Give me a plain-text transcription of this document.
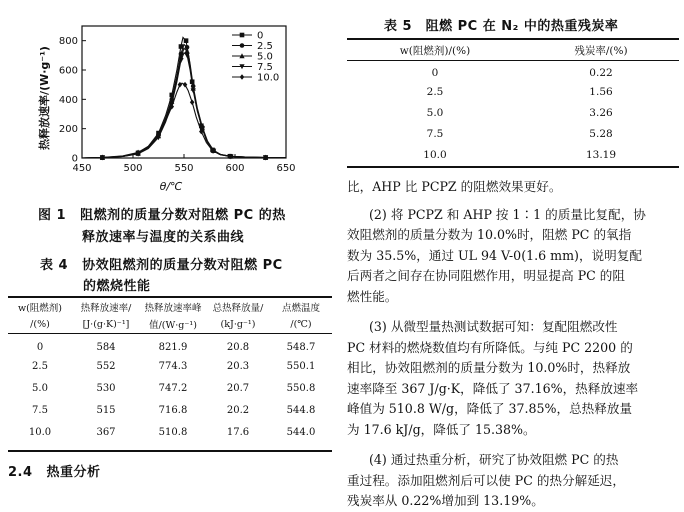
450	500	550	600	650
0
200
400
600
800
0
2.5
5.0
7.5
10.0
热释放速率/(W·g⁻¹)
θ/℃
图 1 阻燃剂的质量分数对阻燃 PC 的热
释放速率与温度的关系曲线
表 4 协效阻燃剂的质量分数对阻燃 PC
的燃烧性能
w(阻燃剂)	热释放速率/	热释放速率峰	总热释放量/	点燃温度
/(%)	[J·(g·K)⁻¹]	值/(W·g⁻¹)	(kJ·g⁻¹)	/(℃)
0	584	821.9	20.8	548.7
2.5	552	774.3	20.3	550.1
5.0	530	747.2	20.7	550.8
7.5	515	716.8	20.2	544.8
10.0	367	510.8	17.6	544.0
2.4 热重分析
表 5　阻燃 PC 在 N₂ 中的热重残炭率
w(阻燃剂)/(%)	残炭率/(%)
0	0.22
2.5	1.56
5.0	3.26
7.5	5.28
10.0	13.19
比，AHP 比 PCPZ 的阻燃效果更好。
(2) 将 PCPZ 和 AHP 按 1∶1 的质量比复配，协
效阻燃剂的质量分数为 10.0%时，阻燃 PC 的氧指
数为 35.5%，通过 UL 94 V-0(1.6 mm)，说明复配
后两者之间存在协同阻燃作用，明显提高 PC 的阻
燃性能。
(3) 从微型量热测试数据可知：复配阻燃改性
PC 材料的燃烧数值均有所降低。与纯 PC 2200 的
相比，协效阻燃剂的质量分数为 10.0%时，热释放
速率降至 367 J/g·K，降低了 37.16%，热释放速率
峰值为 510.8 W/g，降低了 37.85%，总热释放量
为 17.6 kJ/g，降低了 15.38%。
(4) 通过热重分析，研究了协效阻燃 PC 的热
重过程。添加阻燃剂后可以使 PC 的热分解延迟，
残炭率从 0.22%增加到 13.19%。
